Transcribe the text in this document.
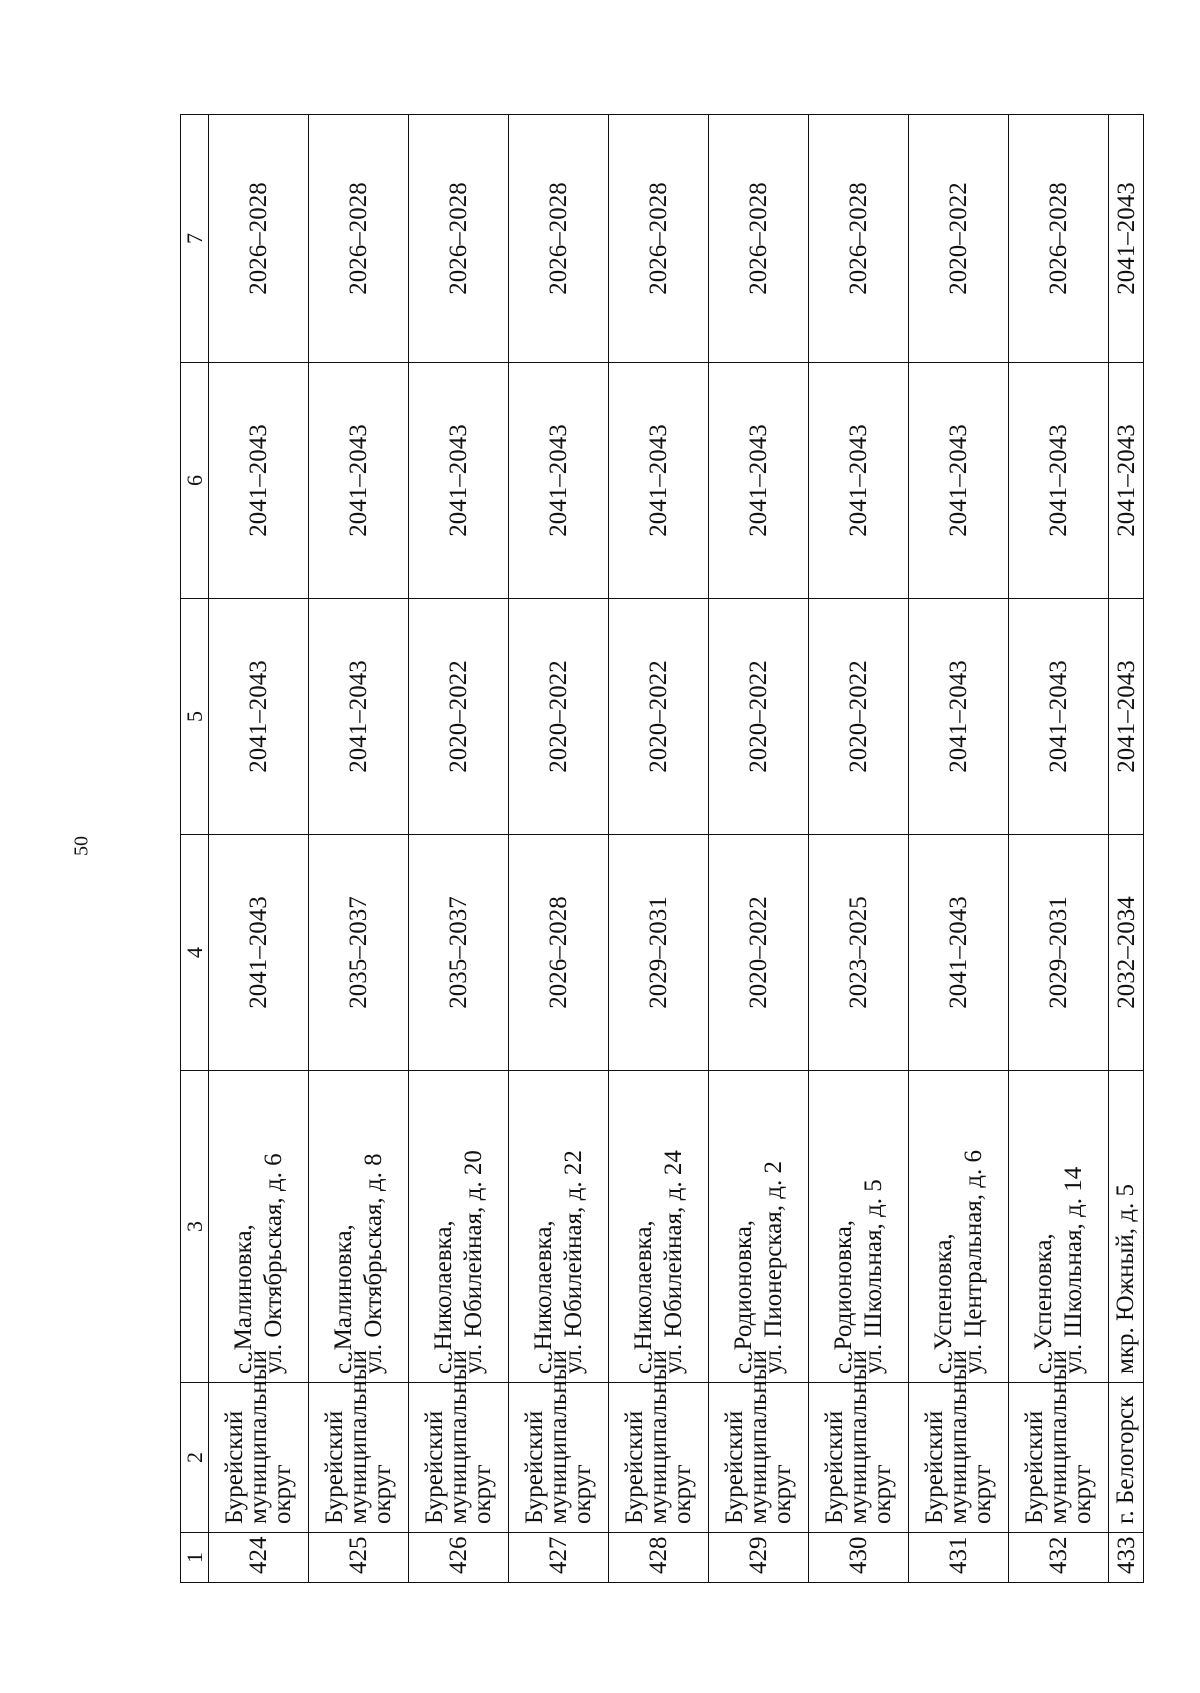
50
1	2	3	4	5	6	7
424	Бурейский
муниципальный
округ	с. Малиновка, ул. Октябрьская, д. 6	2041–2043	2041–2043	2041–2043	2026–2028
425	Бурейский
муниципальный
округ	с. Малиновка, ул. Октябрьская, д. 8	2035–2037	2041–2043	2041–2043	2026–2028
426	Бурейский
муниципальный
округ	с. Николаевка, ул. Юбилейная, д. 20	2035–2037	2020–2022	2041–2043	2026–2028
427	Бурейский
муниципальный
округ	с. Николаевка, ул. Юбилейная, д. 22	2026–2028	2020–2022	2041–2043	2026–2028
428	Бурейский
муниципальный
округ	с. Николаевка, ул. Юбилейная, д. 24	2029–2031	2020–2022	2041–2043	2026–2028
429	Бурейский
муниципальный
округ	с. Родионовка, ул. Пионерская, д. 2	2020–2022	2020–2022	2041–2043	2026–2028
430	Бурейский
муниципальный
округ	с. Родионовка, ул. Школьная, д. 5	2023–2025	2020–2022	2041–2043	2026–2028
431	Бурейский
муниципальный
округ	с. Успеновка, ул. Центральная, д. 6	2041–2043	2041–2043	2041–2043	2020–2022
432	Бурейский
муниципальный
округ	с. Успеновка, ул. Школьная, д. 14	2029–2031	2041–2043	2041–2043	2026–2028
433	г. Белогорск	мкр. Южный, д. 5	2032–2034	2041–2043	2041–2043	2041–2043
